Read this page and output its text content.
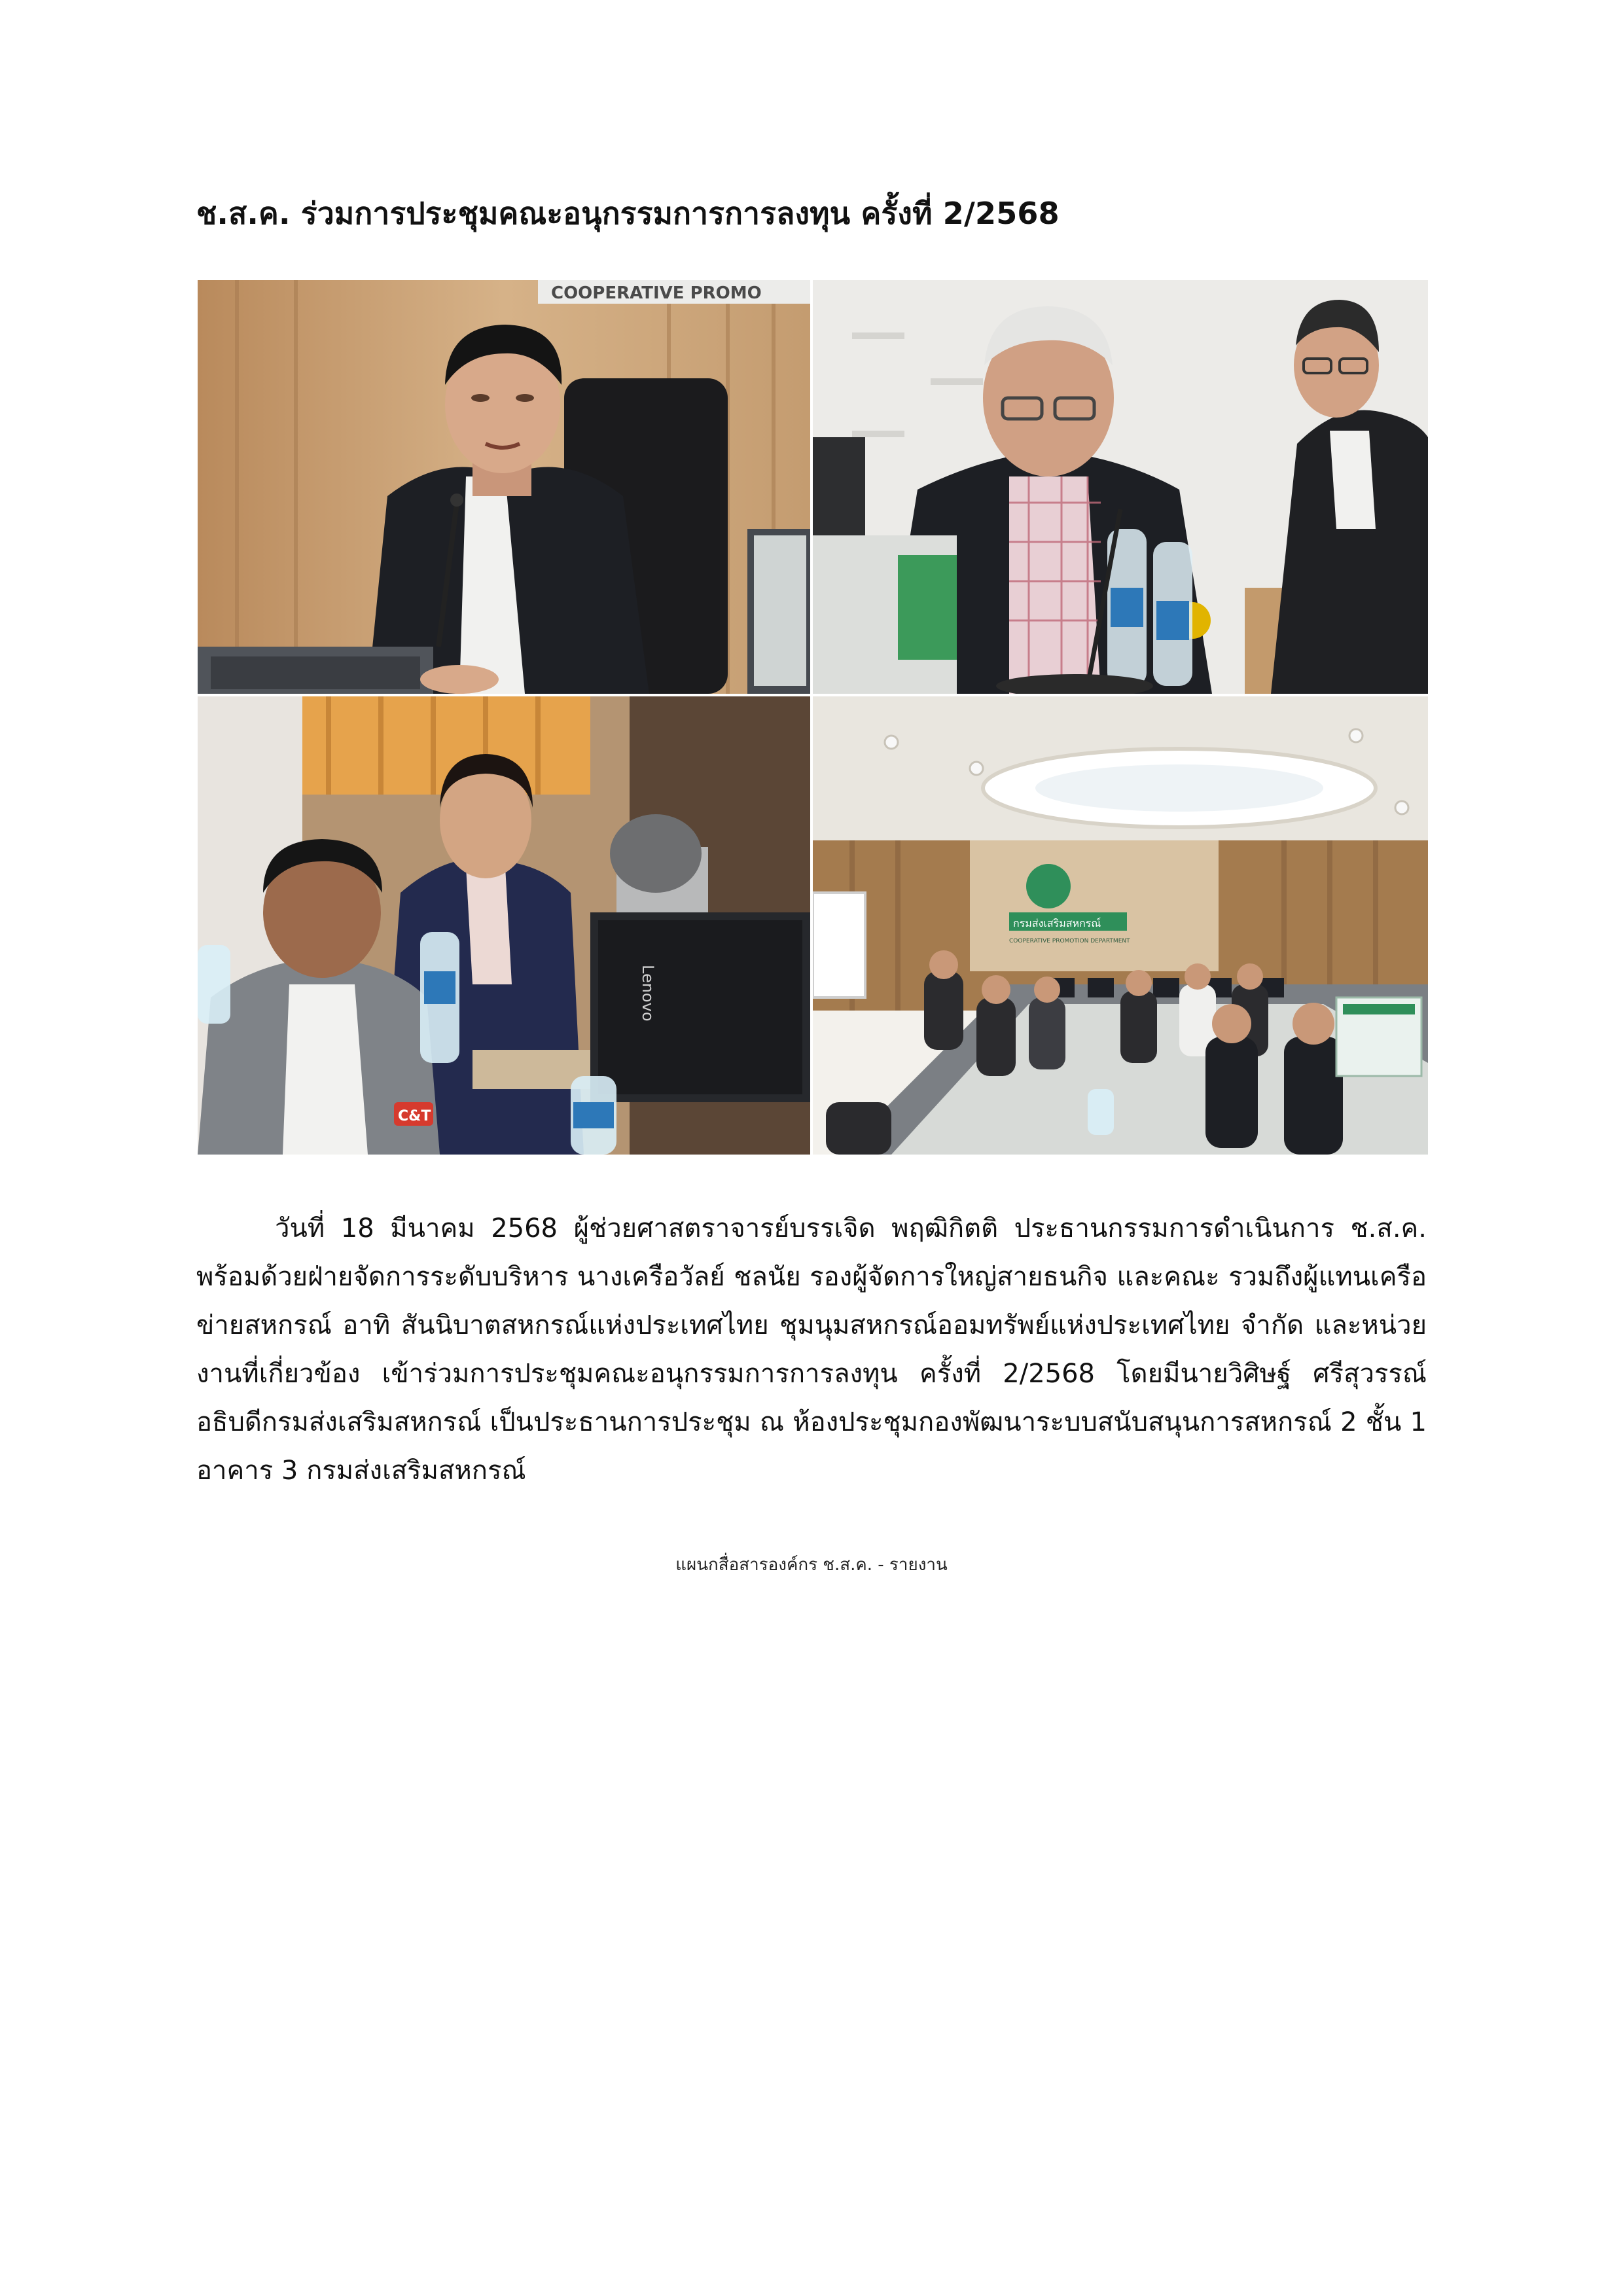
ช.ส.ค. ร่วมการประชุมคณะอนุกรรมการการลงทุน ครั้งที่ 2/2568
COOPERATIVE PROMO
C&T
Lenovo
กรมส่งเสริมสหกรณ์
COOPERATIVE PROMOTION DEPARTMENT

วันที่ 18 มีนาคม 2568 ผู้ช่วยศาสตราจารย์บรรเจิด พฤฒิกิตติ ประธานกรรมการดำเนินการ ช.ส.ค. พร้อมด้วยฝ่ายจัดการระดับบริหาร นางเครือวัลย์ ชลนัย รองผู้จัดการใหญ่สายธนกิจ และคณะ รวมถึงผู้แทนเครือข่ายสหกรณ์ อาทิ สันนิบาตสหกรณ์แห่งประเทศไทย ชุมนุมสหกรณ์ออมทรัพย์แห่งประเทศไทย จำกัด และหน่วยงานที่เกี่ยวข้อง เข้าร่วมการประชุมคณะอนุกรรมการการลงทุน ครั้งที่ 2/2568 โดยมีนายวิศิษฐ์ ศรีสุวรรณ์ อธิบดีกรมส่งเสริมสหกรณ์ เป็นประธานการประชุม ณ ห้องประชุมกองพัฒนาระบบสนับสนุนการสหกรณ์ 2 ชั้น 1 อาคาร 3 กรมส่งเสริมสหกรณ์

แผนกสื่อสารองค์กร ช.ส.ค. - รายงาน
